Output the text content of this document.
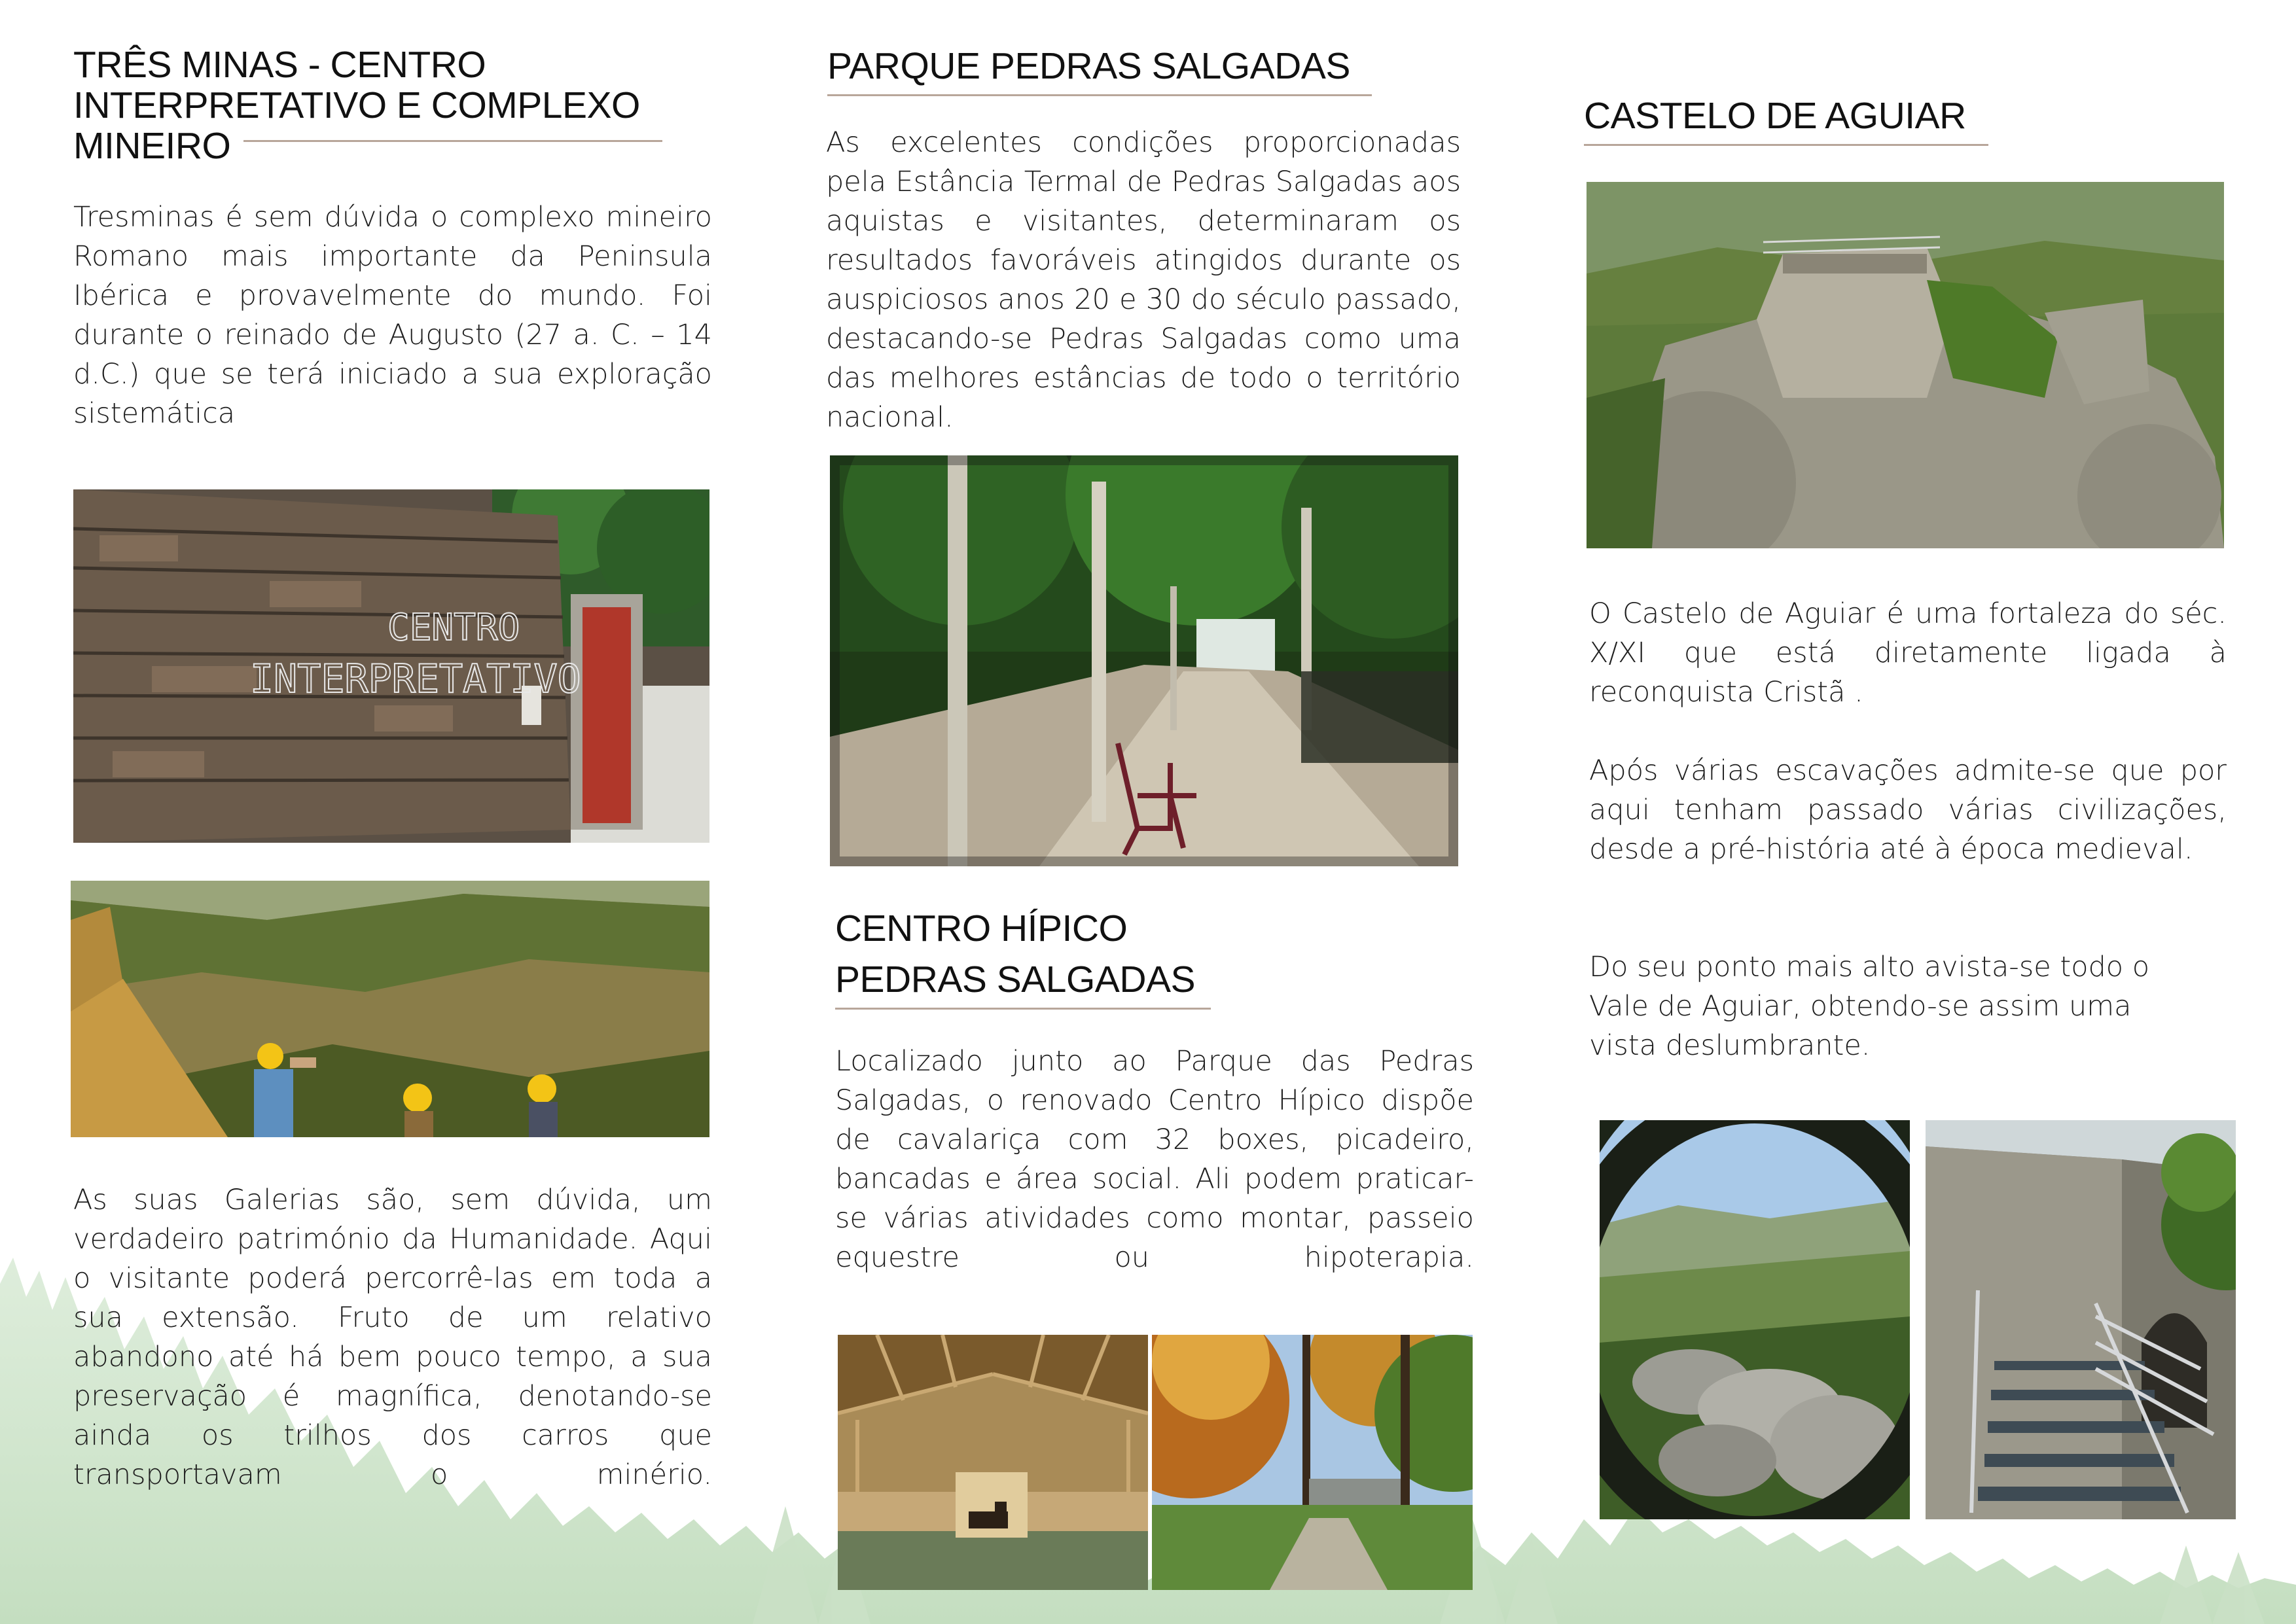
TRÊS MINAS - CENTRO
INTERPRETATIVO E COMPLEXO
MINEIRO

Tresminas é sem dúvida o complexo mineiro Romano mais importante da Peninsula Ibérica e provavelmente do mundo. Foi durante o reinado de Augusto (27 a. C. – 14 d.C.) que se terá iniciado a sua exploração sistemática

CENTRO
INTERPRETATIVO

As suas Galerias são, sem dúvida, um verdadeiro património da Humanidade. Aqui o visitante poderá percorrê-las em toda a sua extensão. Fruto de um relativo abandono até há bem pouco tempo, a sua preservação é magnífica, denotando-se ainda os trilhos dos carros que transportavam o minério.

PARQUE PEDRAS SALGADAS

As excelentes condições proporcionadas pela Estância Termal de Pedras Salgadas aos aquistas e visitantes, determinaram os resultados favoráveis atingidos durante os auspiciosos anos 20 e 30 do século passado, destacando-se Pedras Salgadas como uma das melhores estâncias de todo o território nacional.

CENTRO HÍPICO
PEDRAS SALGADAS

Localizado junto ao Parque das Pedras Salgadas, o renovado Centro Hípico dispõe de cavalariça com 32 boxes, picadeiro, bancadas e área social. Ali podem praticar-se várias atividades como montar, passeio equestre ou hipoterapia.

CASTELO DE AGUIAR

O Castelo de Aguiar é uma fortaleza do séc. X/XI que está diretamente ligada à reconquista Cristã .

Após várias escavações admite-se que por aqui tenham passado várias civilizações, desde a pré-história até à época medieval.

Do seu ponto mais alto avista-se todo o Vale de Aguiar, obtendo-se assim uma vista deslumbrante.
